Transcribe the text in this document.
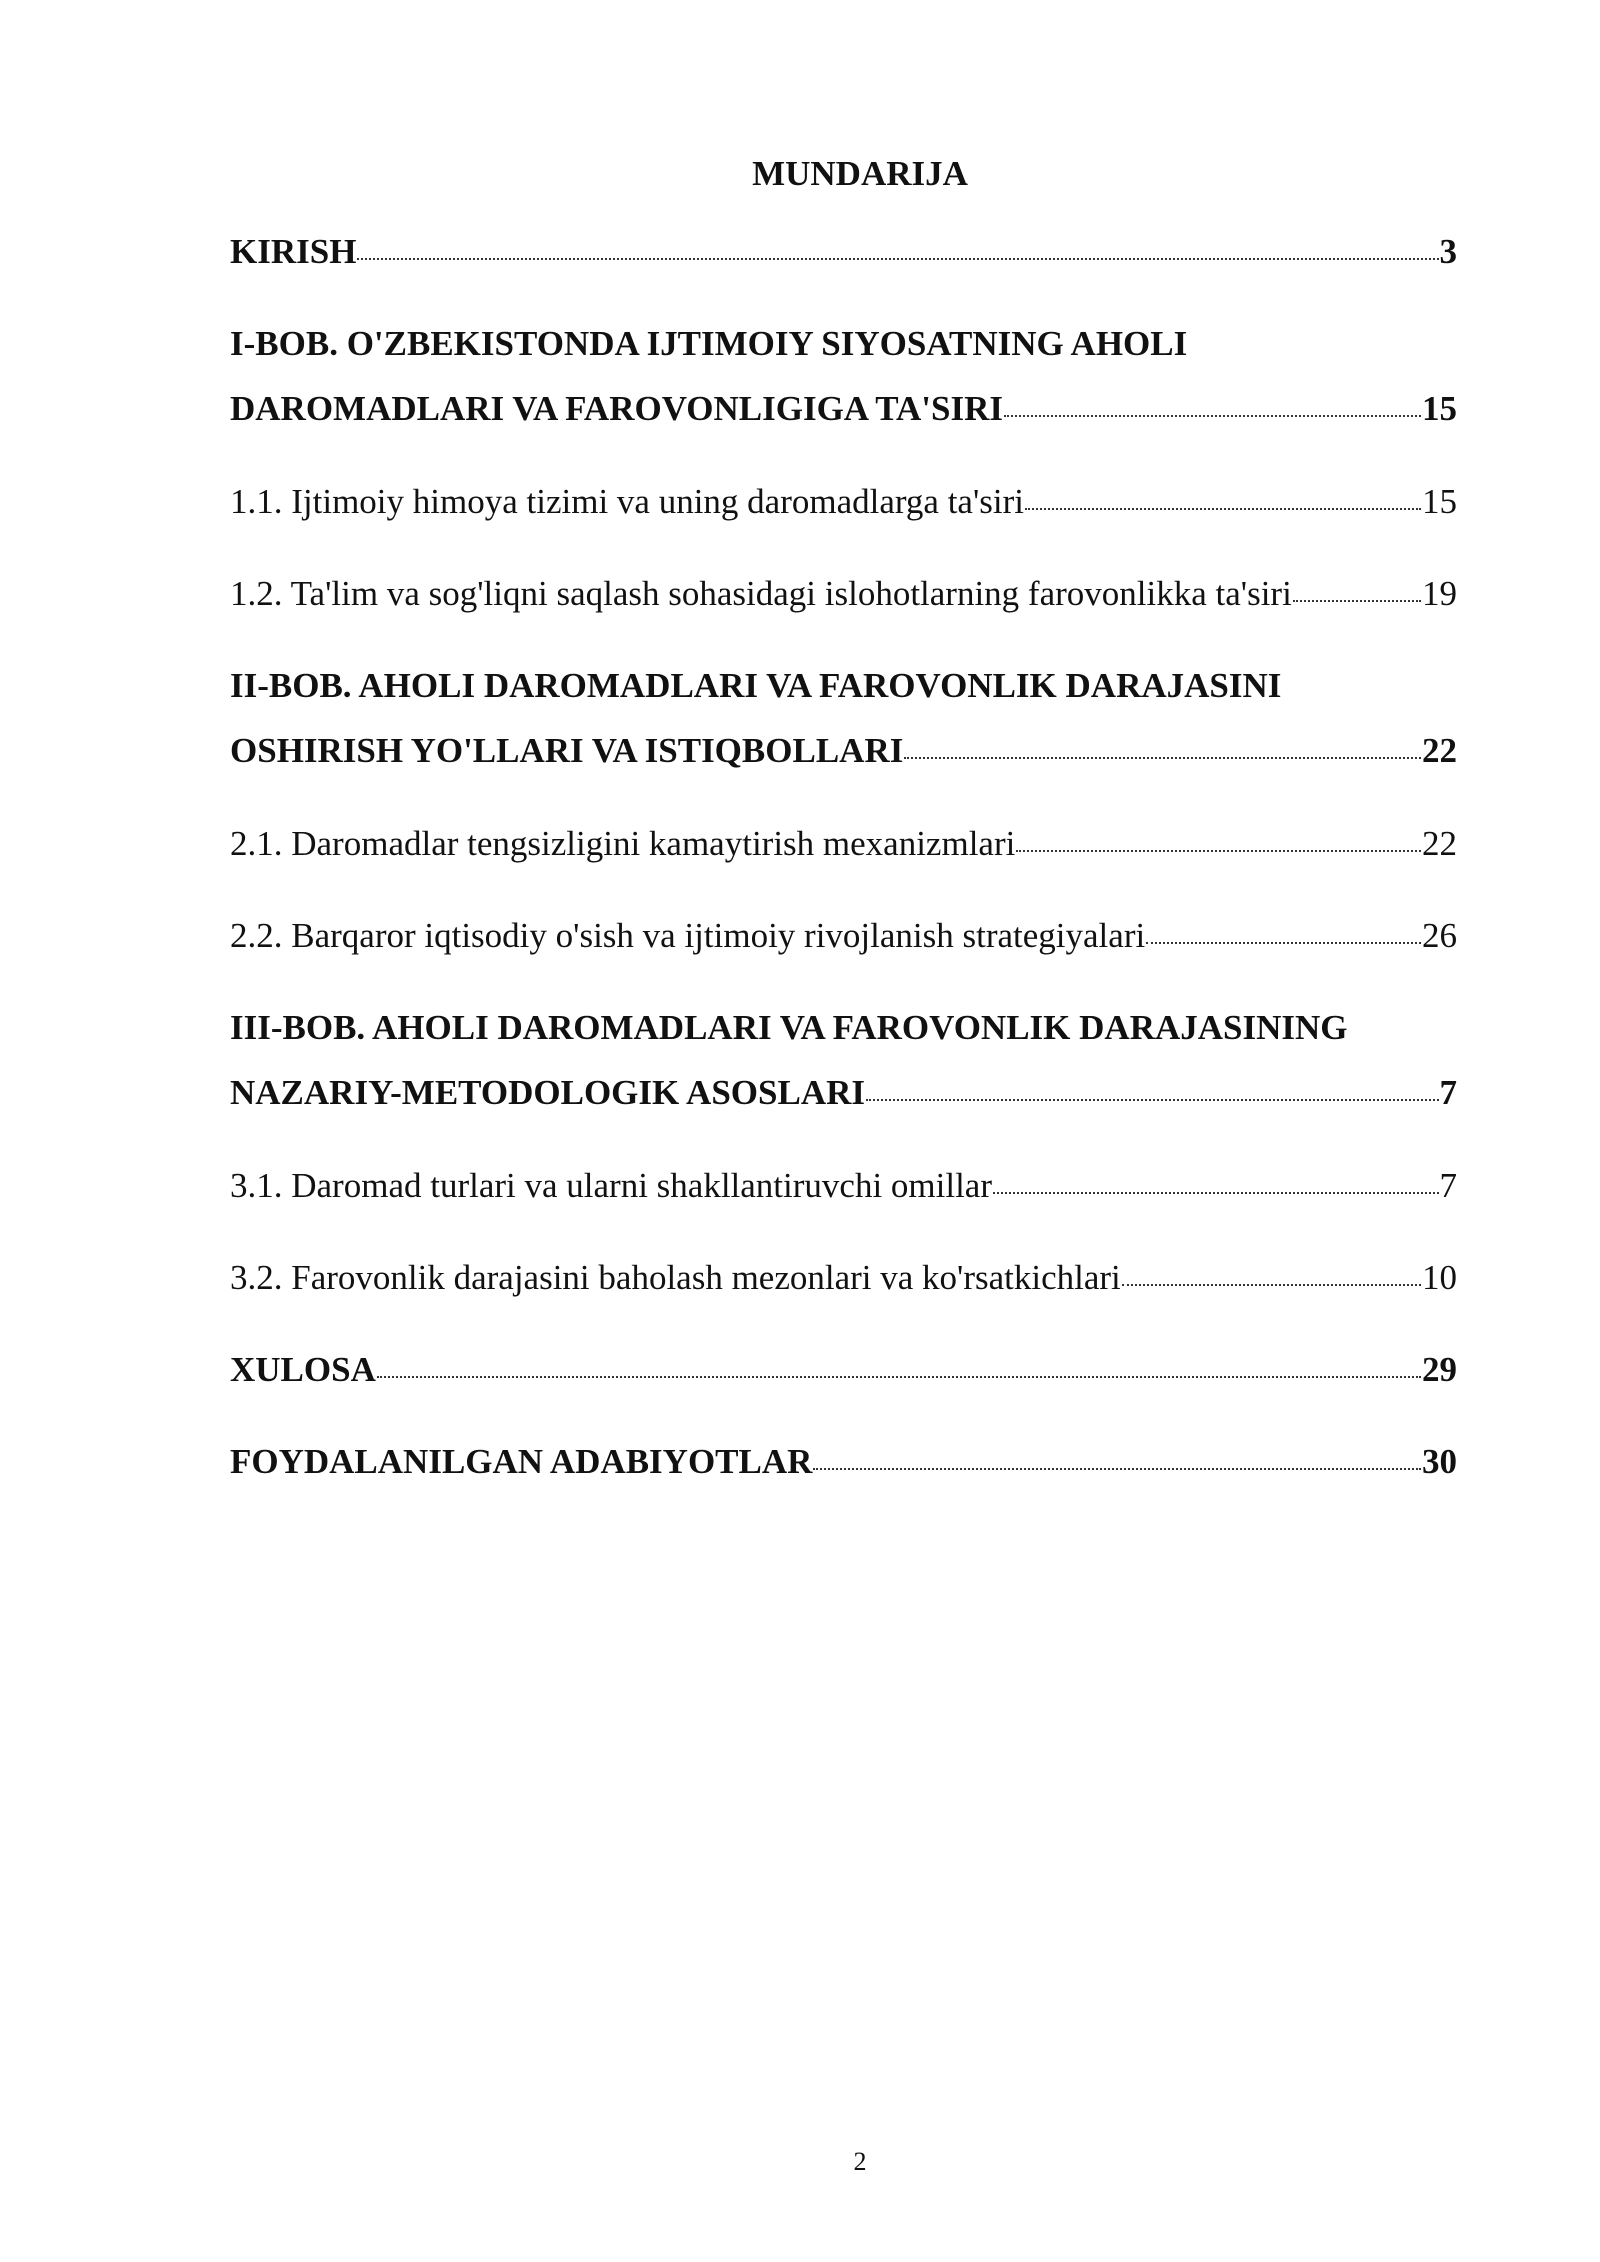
MUNDARIJA
KIRISH	3
I-BOB. O'ZBEKISTONDA IJTIMOIY SIYOSATNING AHOLI
DAROMADLARI VA FAROVONLIGIGA TA'SIRI	15
1.1. Ijtimoiy himoya tizimi va uning daromadlarga ta'siri	15
1.2. Ta'lim va sog'liqni saqlash sohasidagi islohotlarning farovonlikka ta'siri	19
II-BOB. AHOLI DAROMADLARI VA FAROVONLIK DARAJASINI
OSHIRISH YO'LLARI VA ISTIQBOLLARI	22
2.1. Daromadlar tengsizligini kamaytirish mexanizmlari	22
2.2. Barqaror iqtisodiy o'sish va ijtimoiy rivojlanish strategiyalari	26
III-BOB. AHOLI DAROMADLARI VA FAROVONLIK DARAJASINING
NAZARIY-METODOLOGIK ASOSLARI	7
3.1. Daromad turlari va ularni shakllantiruvchi omillar	7
3.2. Farovonlik darajasini baholash mezonlari va ko'rsatkichlari	10
XULOSA	29
FOYDALANILGAN ADABIYOTLAR	30
2
